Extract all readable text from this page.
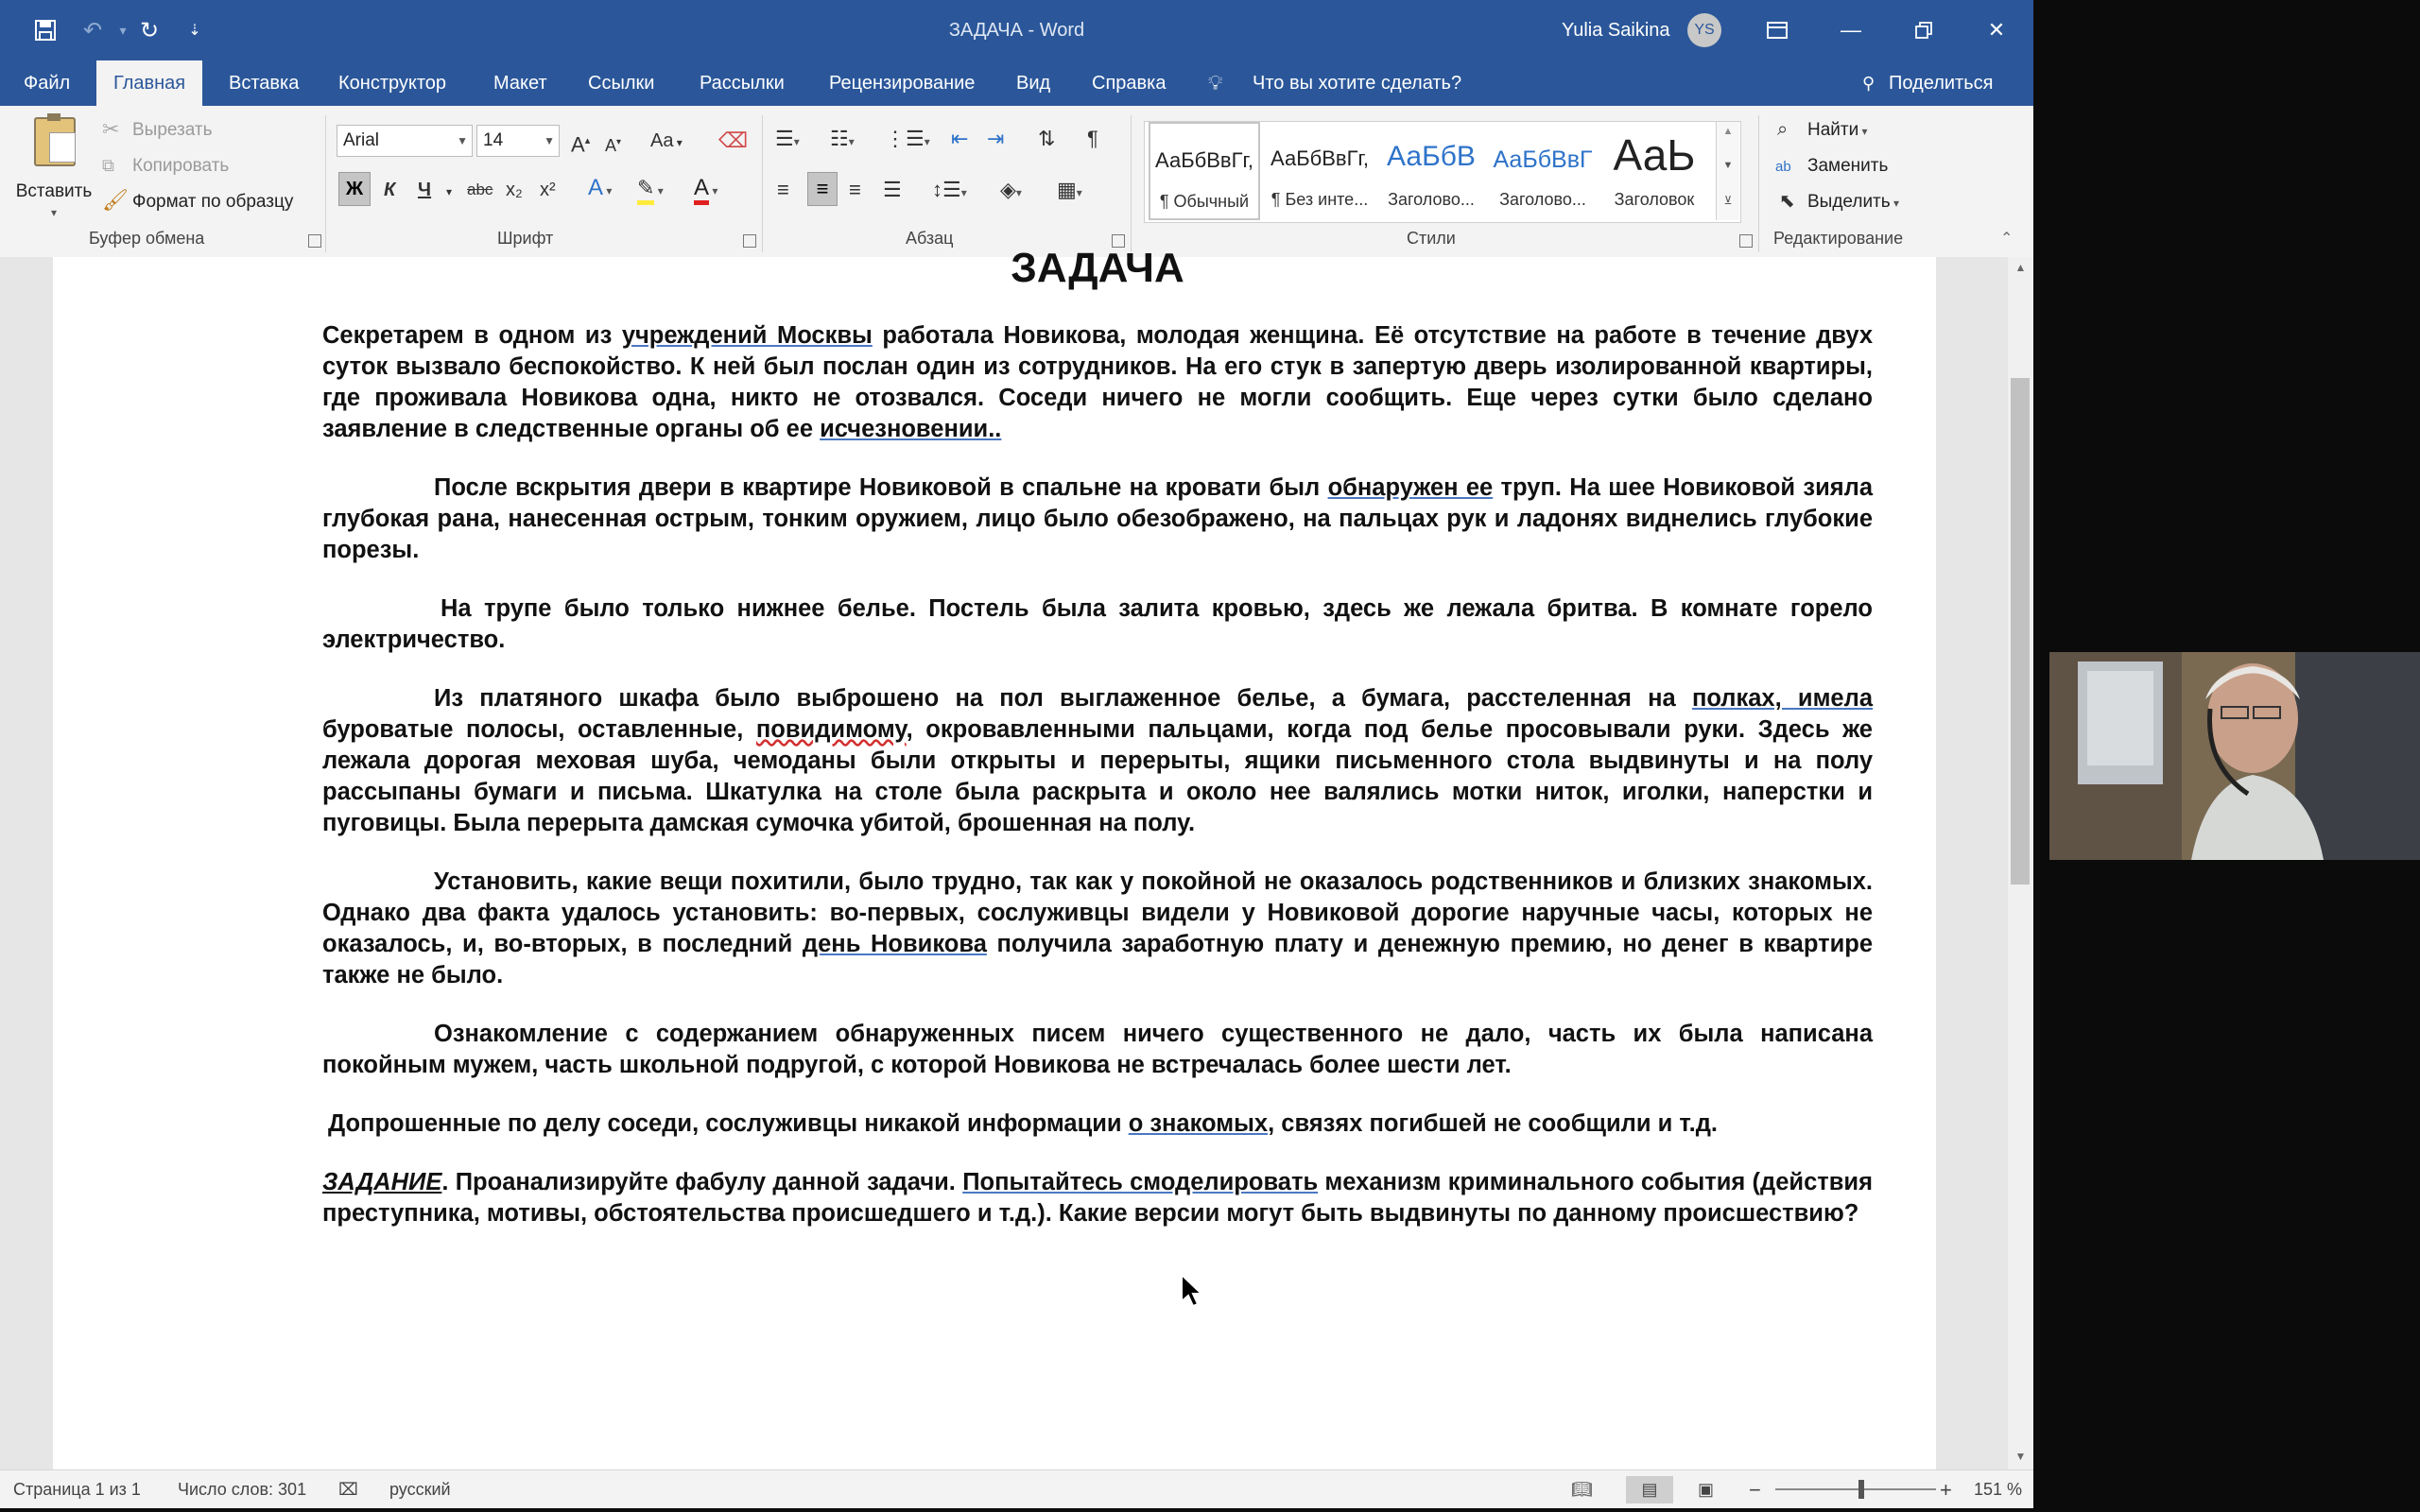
↶	▾ ↻	⇣	ЗАДАЧА - Word	Yulia Saikina	YS	—	✕
Файл	Главная	Вставка Конструктор Макет Ссылки Рассылки Рецензирование Вид Справка 💡︎ Что вы хотите сделать?	⚲ Поделиться
Вставить
▾
✂ Вырезать
⧉ Копировать
🖌︎ Формат по образцу
Буфер обмена
Arial	▼ 14	▼ A▴ A▾ Aa ▾ ⌫
Ж	К Ч ▾ abc x₂ x² A ▾ ✎ ▾ A ▾
Шрифт
☰▾ ☷▾ ⋮☰▾ ⇤ ⇥ ⇅ ¶
≡	≡ ≡ ☰ ↕☰▾ ◈▾ ▦▾
Абзац
АаБбВвГг,
¶ Обычный
АаБбВвГг,
¶ Без инте...
АаБбВ
Заголово...
АаБбВвГ
Заголово...
АаЬ
Заголовок
▲
▼
⊻
Стили
⌕ Найти ▾
ab Заменить
⬉ Выделить ▾
Редактирование	⌃
ЗАДАЧА

Секретарем в одном из учреждений Москвы работала Новикова, молодая женщина. Её отсутствие на работе в течение двух суток вызвало беспокойство. К ней был послан один из сотрудников. На его стук в запертую дверь изолированной квартиры, где проживала Новикова одна, никто не отозвался. Соседи ничего не могли сообщить. Еще через сутки было сделано заявление в следственные органы об ее исчезновении..

После вскрытия двери в квартире Новиковой в спальне на кровати был обнаружен ее труп. На шее Новиковой зияла глубокая рана, нанесенная острым, тонким оружием, лицо было обезображено, на пальцах рук и ладонях виднелись глубокие порезы.

На трупе было только нижнее белье. Постель была залита кровью, здесь же лежала бритва. В комнате горело электричество.

Из платяного шкафа было выброшено на пол выглаженное белье, а бумага, расстеленная на полках, имела буроватые полосы, оставленные, повидимому, окровавленными пальцами, когда под белье просовывали руки. Здесь же лежала дорогая меховая шуба, чемоданы были открыты и перерыты, ящики письменного стола выдвинуты и на полу рассыпаны бумаги и письма. Шкатулка на столе была раскрыта и около нее валялись мотки ниток, иголки, наперстки и пуговицы. Была перерыта дамская сумочка убитой, брошенная на полу.

Установить, какие вещи похитили, было трудно, так как у покойной не оказалось родственников и близких знакомых. Однако два факта удалось установить: во-первых, сослуживцы видели у Новиковой дорогие наручные часы, которых не оказалось, и, во-вторых, в последний день Новикова получила заработную плату и денежную премию, но денег в квартире также не было.

Ознакомление с содержанием обнаруженных писем ничего существенного не дало, часть их была написана покойным мужем, часть школьной подругой, с которой Новикова не встречалась более шести лет.

Допрошенные по делу соседи, сослуживцы никакой информации о знакомых, связях погибшей не сообщили и т.д.

ЗАДАНИЕ. Проанализируйте фабулу данной задачи. Попытайтесь смоделировать механизм криминального события (действия преступника, мотивы, обстоятельства происшедшего и т.д.). Какие версии могут быть выдвинуты по данному происшествию?

▲
▼
Страница 1 из 1 Число слов: 301 ⌧ русский	📖︎	▤	▣ −	+ 151 %
